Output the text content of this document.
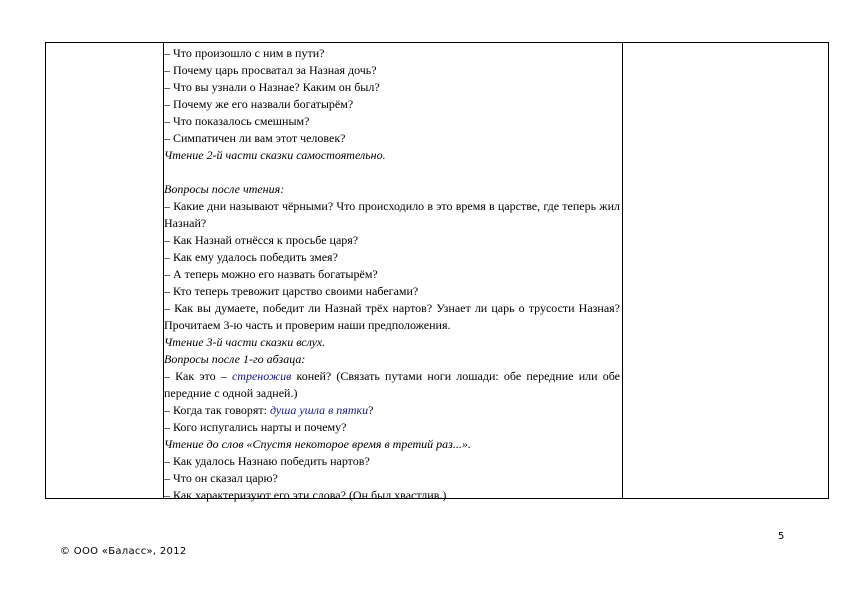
– Что произошло с ним в пути?
– Почему царь просватал за Назная дочь?
– Что вы узнали о Назнае? Каким он был?
– Почему же его назвали богатырём?
– Что показалось смешным?
– Симпатичен ли вам этот человек?
Чтение 2-й части сказки самостоятельно.

Вопросы после чтения:
– Какие дни называют чёрными? Что происходило в это время в царстве, где теперь жил Назнай?
– Как Назнай отнёсся к просьбе царя?
– Как ему удалось победить змея?
– А теперь можно его назвать богатырём?
– Кто теперь тревожит царство своими набегами?
– Как вы думаете, победит ли Назнай трёх нартов? Узнает ли царь о трусости Назная? Прочитаем 3-ю часть и проверим наши предположения.
Чтение 3-й части сказки вслух.
Вопросы после 1-го абзаца:
– Как это – стреножив коней? (Связать путами ноги лошади: обе передние или обе передние с одной задней.)
– Когда так говорят: душа ушла в пятки?
– Кого испугались нарты и почему?
Чтение до слов «Спустя некоторое время в третий раз...».
– Как удалось Назнаю победить нартов?
– Что он сказал царю?
– Как характеризуют его эти слова? (Он был хвастлив.)
5
© ООО «Баласс», 2012
